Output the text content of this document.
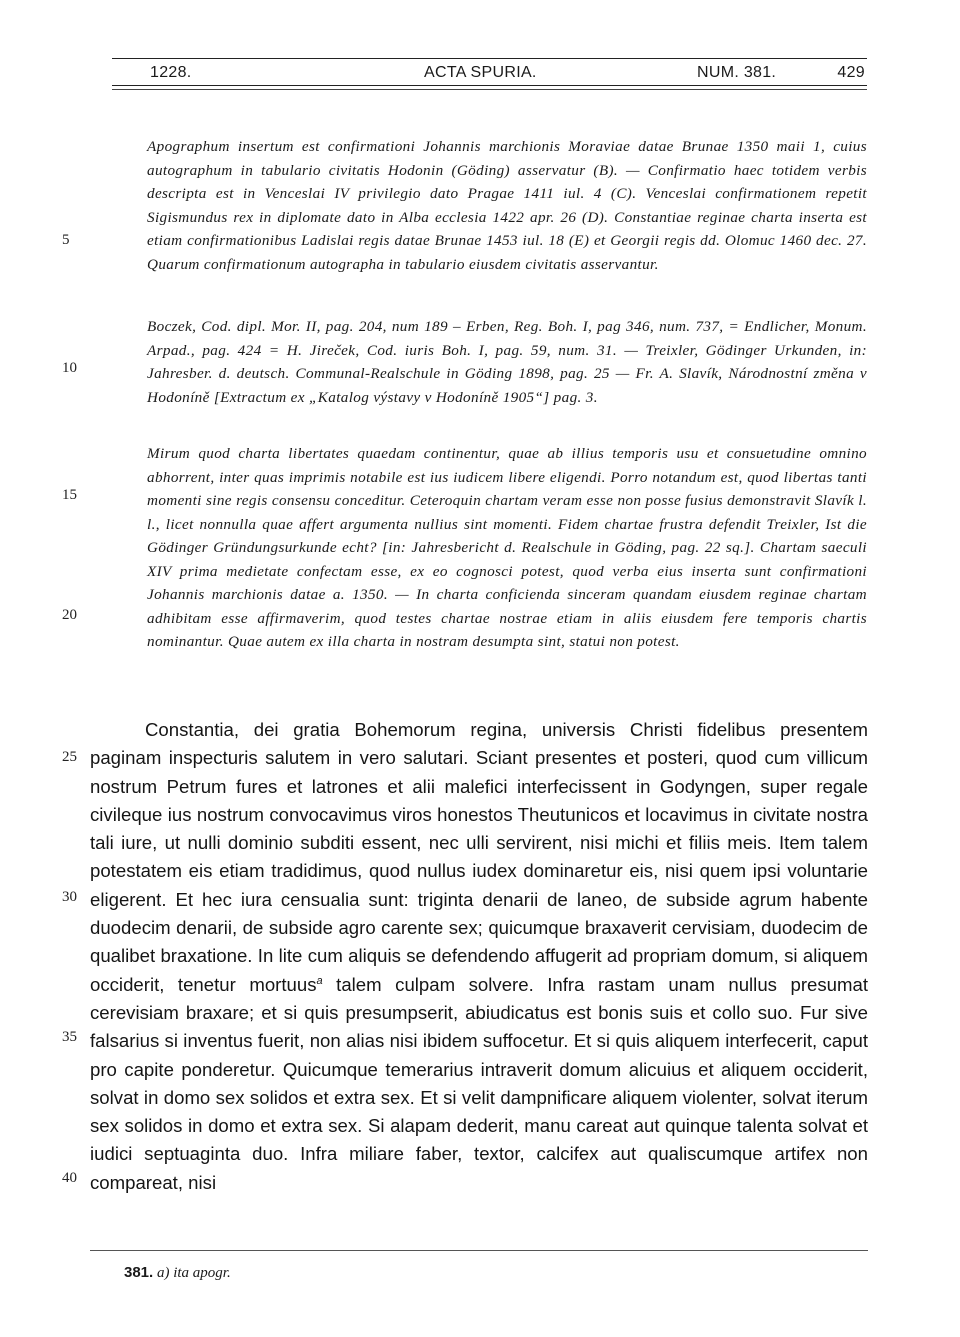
1228.	ACTA SPURIA.	NUM. 381.	429

Apographum insertum est confirmationi Johannis marchionis Moraviae datae Brunae 1350 maii 1, cuius autographum in tabulario civitatis Hodonin (Göding) asservatur (B). — Confirmatio haec totidem verbis descripta est in Venceslai IV privilegio dato Pragae 1411 iul. 4 (C). Venceslai confirmationem repetit Sigismundus rex in diplomate dato in Alba ecclesia 1422 apr. 26 (D). Constantiae reginae charta inserta est etiam confirmationibus Ladislai regis datae Brunae 1453 iul. 18 (E) et Georgii regis dd. Olomuc 1460 dec. 27. Quarum confirmationum autographa in tabulario eiusdem civitatis asservantur.

Boczek, Cod. dipl. Mor. II, pag. 204, num 189 – Erben, Reg. Boh. I, pag 346, num. 737, = Endlicher, Monum. Arpad., pag. 424 = H. Jireček, Cod. iuris Boh. I, pag. 59, num. 31. — Treixler, Gödinger Urkunden, in: Jahresber. d. deutsch. Communal-Realschule in Göding 1898, pag. 25 — Fr. A. Slavík, Národnostní změna v Hodoníně [Extractum ex „Katalog výstavy v Hodoníně 1905“] pag. 3.

Mirum quod charta libertates quaedam continentur, quae ab illius temporis usu et consuetudine omnino abhorrent, inter quas imprimis notabile est ius iudicem libere eligendi. Porro notandum est, quod libertas tanti momenti sine regis consensu conceditur. Ceteroquin chartam veram esse non posse fusius demonstravit Slavík l. l., licet nonnulla quae affert argumenta nullius sint momenti. Fidem chartae frustra defendit Treixler, Ist die Gödinger Gründungsurkunde echt? [in: Jahresbericht d. Realschule in Göding, pag. 22 sq.]. Chartam saeculi XIV prima medietate confectam esse, ex eo cognosci potest, quod verba eius inserta sunt confirmationi Johannis marchionis datae a. 1350. — In charta conficienda sinceram quandam eiusdem reginae chartam adhibitam esse affirmaverim, quod testes chartae nostrae etiam in aliis eiusdem fere temporis chartis nominantur. Quae autem ex illa charta in nostram desumpta sint, statui non potest.

Constantia, dei gratia Bohemorum regina, universis Christi fidelibus presentem paginam inspecturis salutem in vero salutari. Sciant presentes et posteri, quod cum villicum nostrum Petrum fures et latrones et alii malefici interfecissent in Godyngen, super regale civileque ius nostrum convocavimus viros honestos Theutunicos et locavimus in civitate nostra tali iure, ut nulli dominio subditi essent, nec ulli servirent, nisi michi et filiis meis. Item talem potestatem eis etiam tradidimus, quod nullus iudex dominaretur eis, nisi quem ipsi voluntarie eligerent. Et hec iura censualia sunt: triginta denarii de laneo, de subside agrum habente duodecim denarii, de subside agro carente sex; quicumque braxaverit cervisiam, duodecim de qualibet braxatione. In lite cum aliquis se defendendo affugerit ad propriam domum, si aliquem occiderit, tenetur mortuus$^a$ talem culpam solvere. Infra rastam unam nullus presumat cerevisiam braxare; et si quis presumpserit, abiudicatus est bonis suis et collo suo. Fur sive falsarius si inventus fuerit, non alias nisi ibidem suffocetur. Et si quis aliquem interfecerit, caput pro capite ponderetur. Quicumque temerarius intraverit domum alicuius et aliquem occiderit, solvat in domo sex solidos et extra sex. Et si velit dampnificare aliquem violenter, solvat iterum sex solidos in domo et extra sex. Si alapam dederit, manu careat aut quinque talenta solvat et iudici septuaginta duo. Infra miliare faber, textor, calcifex aut qualiscumque artifex non compareat, nisi

5
10
15
20
25
30
35
40
381. a) ita apogr.
